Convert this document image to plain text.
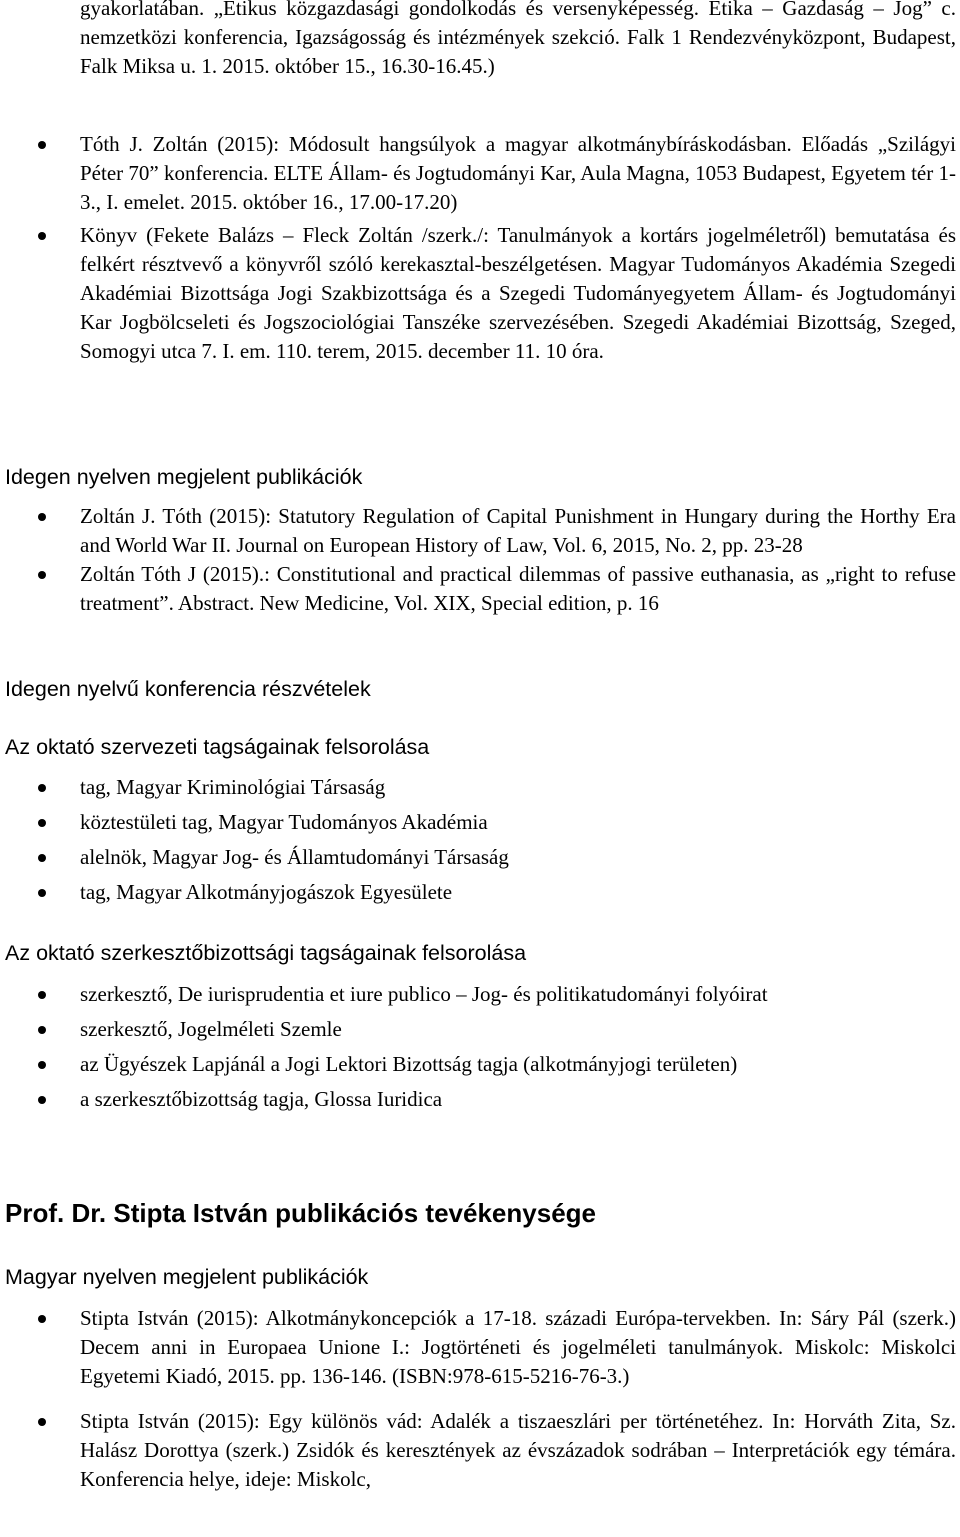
gyakorlatában. „Etikus közgazdasági gondolkodás és versenyképesség. Etika – Gazdaság – Jog” c. nemzetközi konferencia, Igazságosság és intézmények szekció. Falk 1 Rendezvényközpont, Budapest, Falk Miksa u. 1. 2015. október 15., 16.30-16.45.)

Tóth J. Zoltán (2015): Módosult hangsúlyok a magyar alkotmánybíráskodásban. Előadás „Szilágyi Péter 70” konferencia. ELTE Állam- és Jogtudományi Kar, Aula Magna, 1053 Budapest, Egyetem tér 1-3., I. emelet. 2015. október 16., 17.00-17.20)
Könyv (Fekete Balázs – Fleck Zoltán /szerk./: Tanulmányok a kortárs jogelméletről) bemutatása és felkért résztvevő a könyvről szóló kerekasztal-beszélgetésen. Magyar Tudományos Akadémia Szegedi Akadémiai Bizottsága Jogi Szakbizottsága és a Szegedi Tudományegyetem Állam- és Jogtudományi Kar Jogbölcseleti és Jogszociológiai Tanszéke szervezésében. Szegedi Akadémiai Bizottság, Szeged, Somogyi utca 7. I. em. 110. terem, 2015. december 11. 10 óra.
Idegen nyelven megjelent publikációk
Zoltán J. Tóth (2015): Statutory Regulation of Capital Punishment in Hungary during the Horthy Era and World War II. Journal on European History of Law, Vol. 6, 2015, No. 2, pp. 23-28
Zoltán Tóth J (2015).: Constitutional and practical dilemmas of passive euthanasia, as „right to refuse treatment”. Abstract. New Medicine, Vol. XIX, Special edition, p. 16
Idegen nyelvű konferencia részvételek
Az oktató szervezeti tagságainak felsorolása
tag, Magyar Kriminológiai Társaság
köztestületi tag, Magyar Tudományos Akadémia
alelnök, Magyar Jog- és Államtudományi Társaság
tag, Magyar Alkotmányjogászok Egyesülete
Az oktató szerkesztőbizottsági tagságainak felsorolása
szerkesztő, De iurisprudentia et iure publico – Jog- és politikatudományi folyóirat
szerkesztő, Jogelméleti Szemle
az Ügyészek Lapjánál a Jogi Lektori Bizottság tagja (alkotmányjogi területen)
a szerkesztőbizottság tagja, Glossa Iuridica
Prof. Dr. Stipta István publikációs tevékenysége
Magyar nyelven megjelent publikációk
Stipta István (2015): Alkotmánykoncepciók a 17-18. századi Európa-tervekben. In: Sáry Pál (szerk.) Decem anni in Europaea Unione I.: Jogtörténeti és jogelméleti tanulmányok. Miskolc: Miskolci Egyetemi Kiadó, 2015. pp. 136-146. (ISBN:978-615-5216-76-3.)
Stipta István (2015): Egy különös vád: Adalék a tiszaeszlári per történetéhez. In: Horváth Zita, Sz. Halász Dorottya (szerk.) Zsidók és keresztények az évszázadok sodrában – Interpretációk egy témára. Konferencia helye, ideje: Miskolc,
